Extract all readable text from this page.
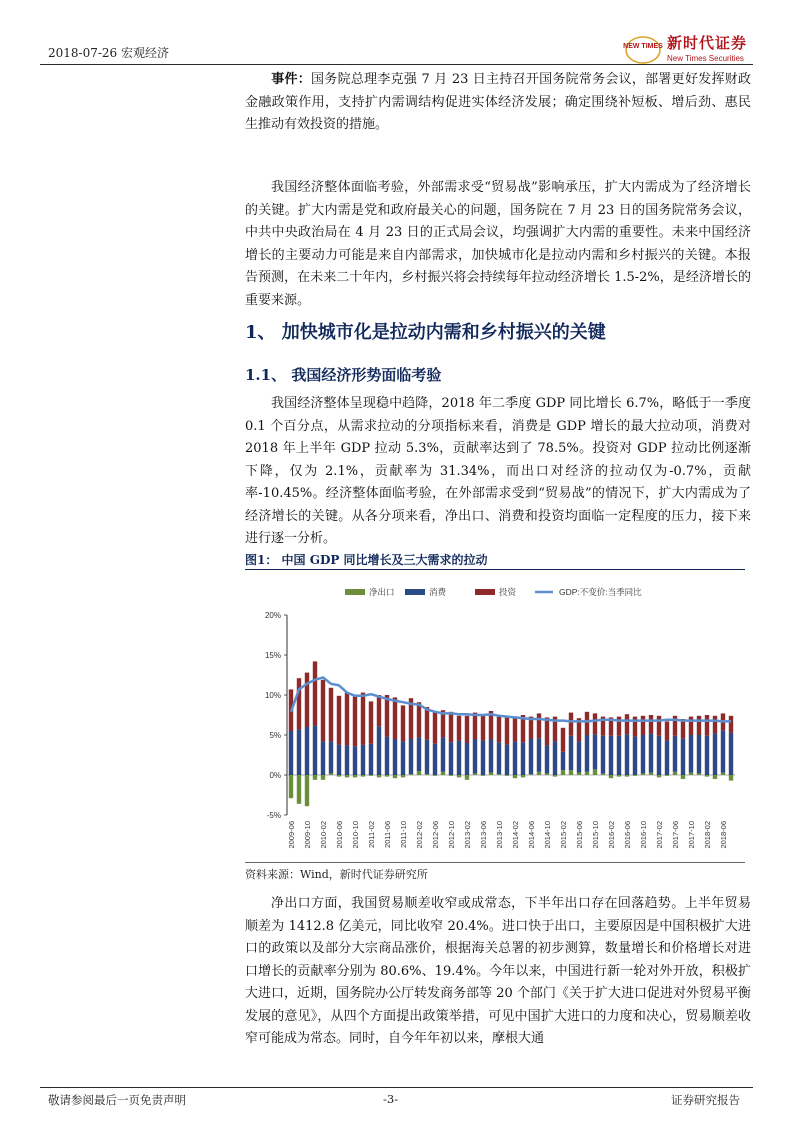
2018-07-26 宏观经济	NEW TIMES 新时代证券
New Times Securities
事件：国务院总理李克强 7 月 23 日主持召开国务院常务会议，部署更好发挥财政金融政策作用，支持扩内需调结构促进实体经济发展；确定围绕补短板、增后劲、惠民生推动有效投资的措施。
我国经济整体面临考验，外部需求受“贸易战”影响承压，扩大内需成为了经济增长的关键。扩大内需是党和政府最关心的问题，国务院在 7 月 23 日的国务院常务会议，中共中央政治局在 4 月 23 日的正式局会议，均强调扩大内需的重要性。未来中国经济增长的主要动力可能是来自内部需求，加快城市化是拉动内需和乡村振兴的关键。本报告预测，在未来二十年内，乡村振兴将会持续每年拉动经济增长 1.5-2%，是经济增长的重要来源。
1、 加快城市化是拉动内需和乡村振兴的关键
1.1、 我国经济形势面临考验
我国经济整体呈现稳中趋降，2018 年二季度 GDP 同比增长 6.7%，略低于一季度 0.1 个百分点，从需求拉动的分项指标来看，消费是 GDP 增长的最大拉动项，消费对 2018 年上半年 GDP 拉动 5.3%，贡献率达到了 78.5%。投资对 GDP 拉动比例逐渐下降，仅为 2.1%，贡献率为 31.34%，而出口对经济的拉动仅为-0.7%，贡献率-10.45%。经济整体面临考验，在外部需求受到“贸易战”的情况下，扩大内需成为了经济增长的关键。从各分项来看，净出口、消费和投资均面临一定程度的压力，接下来进行逐一分析。
图1： 中国 GDP 同比增长及三大需求的拉动
净出口	消费	投资	GDP:不变价:当季同比
20%
15%
10%
5%
0%
-5%
2009-06 2009-10 2010-02 2010-06 2010-10 2011-02 2011-06 2011-10 2012-02 2012-06 2012-10 2013-02 2013-06 2013-10 2014-02 2014-06 2014-10 2015-02 2015-06 2015-10 2016-02 2016-06 2016-10 2017-02 2017-06 2017-10 2018-02 2018-06
资料来源：Wind，新时代证券研究所
净出口方面，我国贸易顺差收窄或成常态，下半年出口存在回落趋势。上半年贸易顺差为 1412.8 亿美元，同比收窄 20.4%。进口快于出口，主要原因是中国积极扩大进口的政策以及部分大宗商品涨价，根据海关总署的初步测算，数量增长和价格增长对进口增长的贡献率分别为 80.6%、19.4%。今年以来，中国进行新一轮对外开放，积极扩大进口，近期，国务院办公厅转发商务部等 20 个部门《关于扩大进口促进对外贸易平衡发展的意见》，从四个方面提出政策举措，可见中国扩大进口的力度和决心，贸易顺差收窄可能成为常态。同时，自今年年初以来，摩根大通
敬请参阅最后一页免责声明	-3-	证券研究报告
